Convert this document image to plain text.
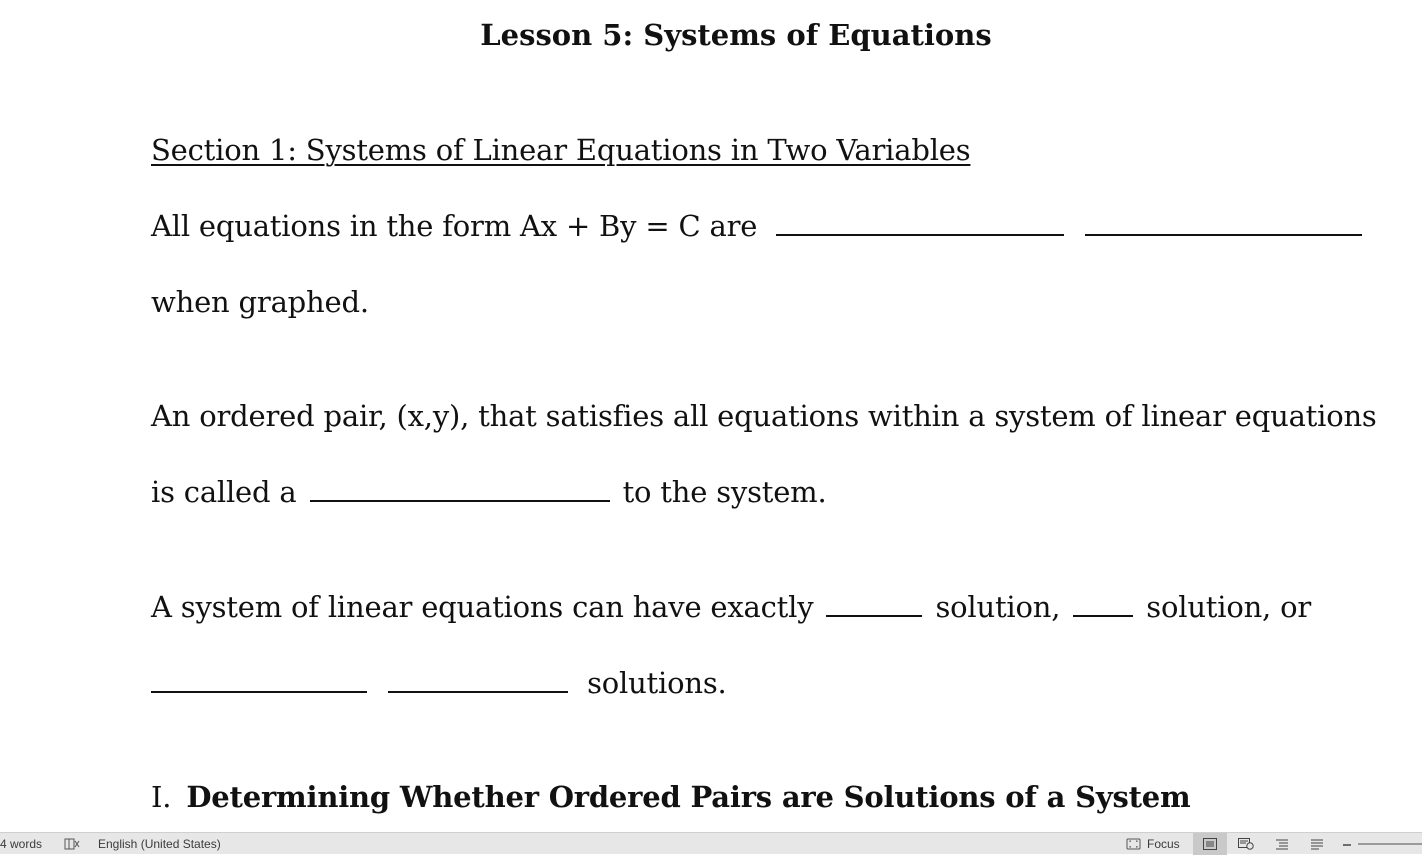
Lesson 5: Systems of Equations
Section 1: Systems of Linear Equations in Two Variables
All equations in the form Ax + By = C are
when graphed.
An ordered pair, (x,y), that satisfies all equations within a system of linear equations
is called a	to the system.
A system of linear equations can have exactly	solution,	solution, or
solutions.
I. Determining Whether Ordered Pairs are Solutions of a System
4 words	English (United States)	Focus
